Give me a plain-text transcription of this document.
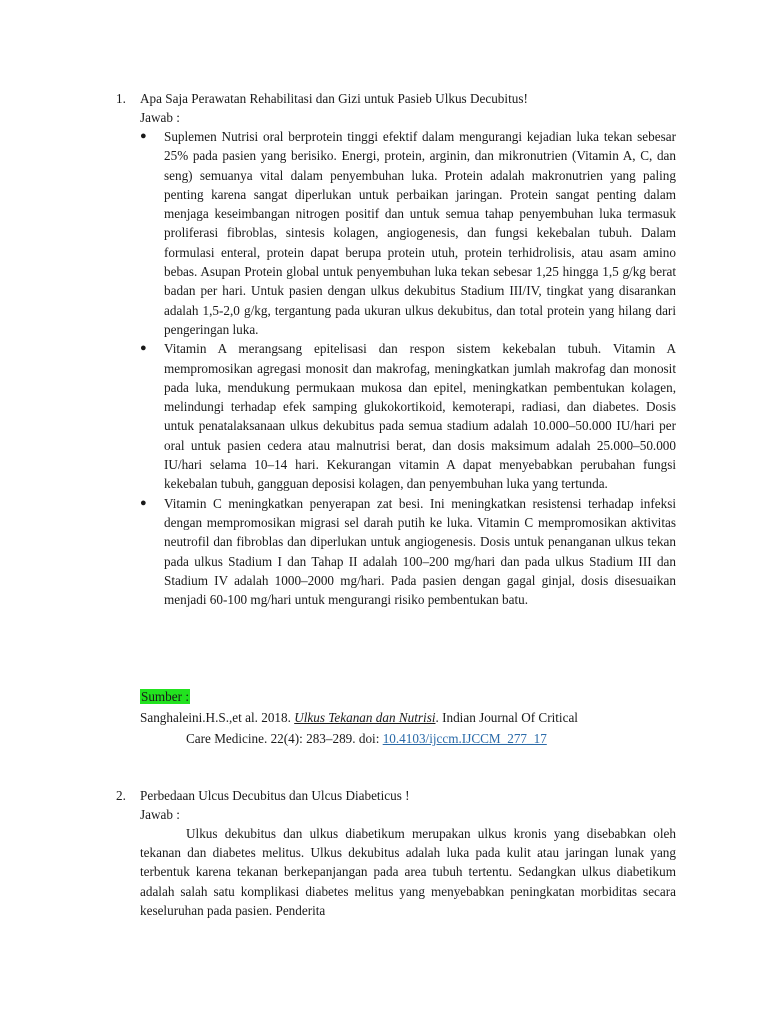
1. Apa Saja Perawatan Rehabilitasi dan Gizi untuk Pasieb Ulkus Decubitus!
Jawab :
●	Suplemen Nutrisi oral berprotein tinggi efektif dalam mengurangi kejadian luka tekan sebesar 25% pada pasien yang berisiko. Energi, protein, arginin, dan mikronutrien (Vitamin A, C, dan seng) semuanya vital dalam penyembuhan luka. Protein adalah makronutrien yang paling penting karena sangat diperlukan untuk perbaikan jaringan. Protein sangat penting dalam menjaga keseimbangan nitrogen positif dan untuk semua tahap penyembuhan luka termasuk proliferasi fibroblas, sintesis kolagen, angiogenesis, dan fungsi kekebalan tubuh. Dalam formulasi enteral, protein dapat berupa protein utuh, protein terhidrolisis, atau asam amino bebas. Asupan Protein global untuk penyembuhan luka tekan sebesar 1,25 hingga 1,5 g/kg berat badan per hari. Untuk pasien dengan ulkus dekubitus Stadium III/IV, tingkat yang disarankan adalah 1,5-2,0 g/kg, tergantung pada ukuran ulkus dekubitus, dan total protein yang hilang dari pengeringan luka.
●	Vitamin A merangsang epitelisasi dan respon sistem kekebalan tubuh. Vitamin A mempromosikan agregasi monosit dan makrofag, meningkatkan jumlah makrofag dan monosit pada luka, mendukung permukaan mukosa dan epitel, meningkatkan pembentukan kolagen, melindungi terhadap efek samping glukokortikoid, kemoterapi, radiasi, dan diabetes. Dosis untuk penatalaksanaan ulkus dekubitus pada semua stadium adalah 10.000–50.000 IU/hari per oral untuk pasien cedera atau malnutrisi berat, dan dosis maksimum adalah 25.000–50.000 IU/hari selama 10–14 hari. Kekurangan vitamin A dapat menyebabkan perubahan fungsi kekebalan tubuh, gangguan deposisi kolagen, dan penyembuhan luka yang tertunda.
●	Vitamin C meningkatkan penyerapan zat besi. Ini meningkatkan resistensi terhadap infeksi dengan mempromosikan migrasi sel darah putih ke luka. Vitamin C mempromosikan aktivitas neutrofil dan fibroblas dan diperlukan untuk angiogenesis. Dosis untuk penanganan ulkus tekan pada ulkus Stadium I dan Tahap II adalah 100–200 mg/hari dan pada ulkus Stadium III dan Stadium IV adalah 1000–2000 mg/hari. Pada pasien dengan gagal ginjal, dosis disesuaikan menjadi 60-100 mg/hari untuk mengurangi risiko pembentukan batu.
Sumber :
Sanghaleini.H.S.,et al. 2018. Ulkus Tekanan dan Nutrisi. Indian Journal Of Critical
Care Medicine. 22(4): 283–289. doi: 10.4103/ijccm.IJCCM_277_17
2. Perbedaan Ulcus Decubitus dan Ulcus Diabeticus !
Jawab :
Ulkus dekubitus dan ulkus diabetikum merupakan ulkus kronis yang disebabkan oleh tekanan dan diabetes melitus. Ulkus dekubitus adalah luka pada kulit atau jaringan lunak yang terbentuk karena tekanan berkepanjangan pada area tubuh tertentu. Sedangkan ulkus diabetikum adalah salah satu komplikasi diabetes melitus yang menyebabkan peningkatan morbiditas secara keseluruhan pada pasien. Penderita
